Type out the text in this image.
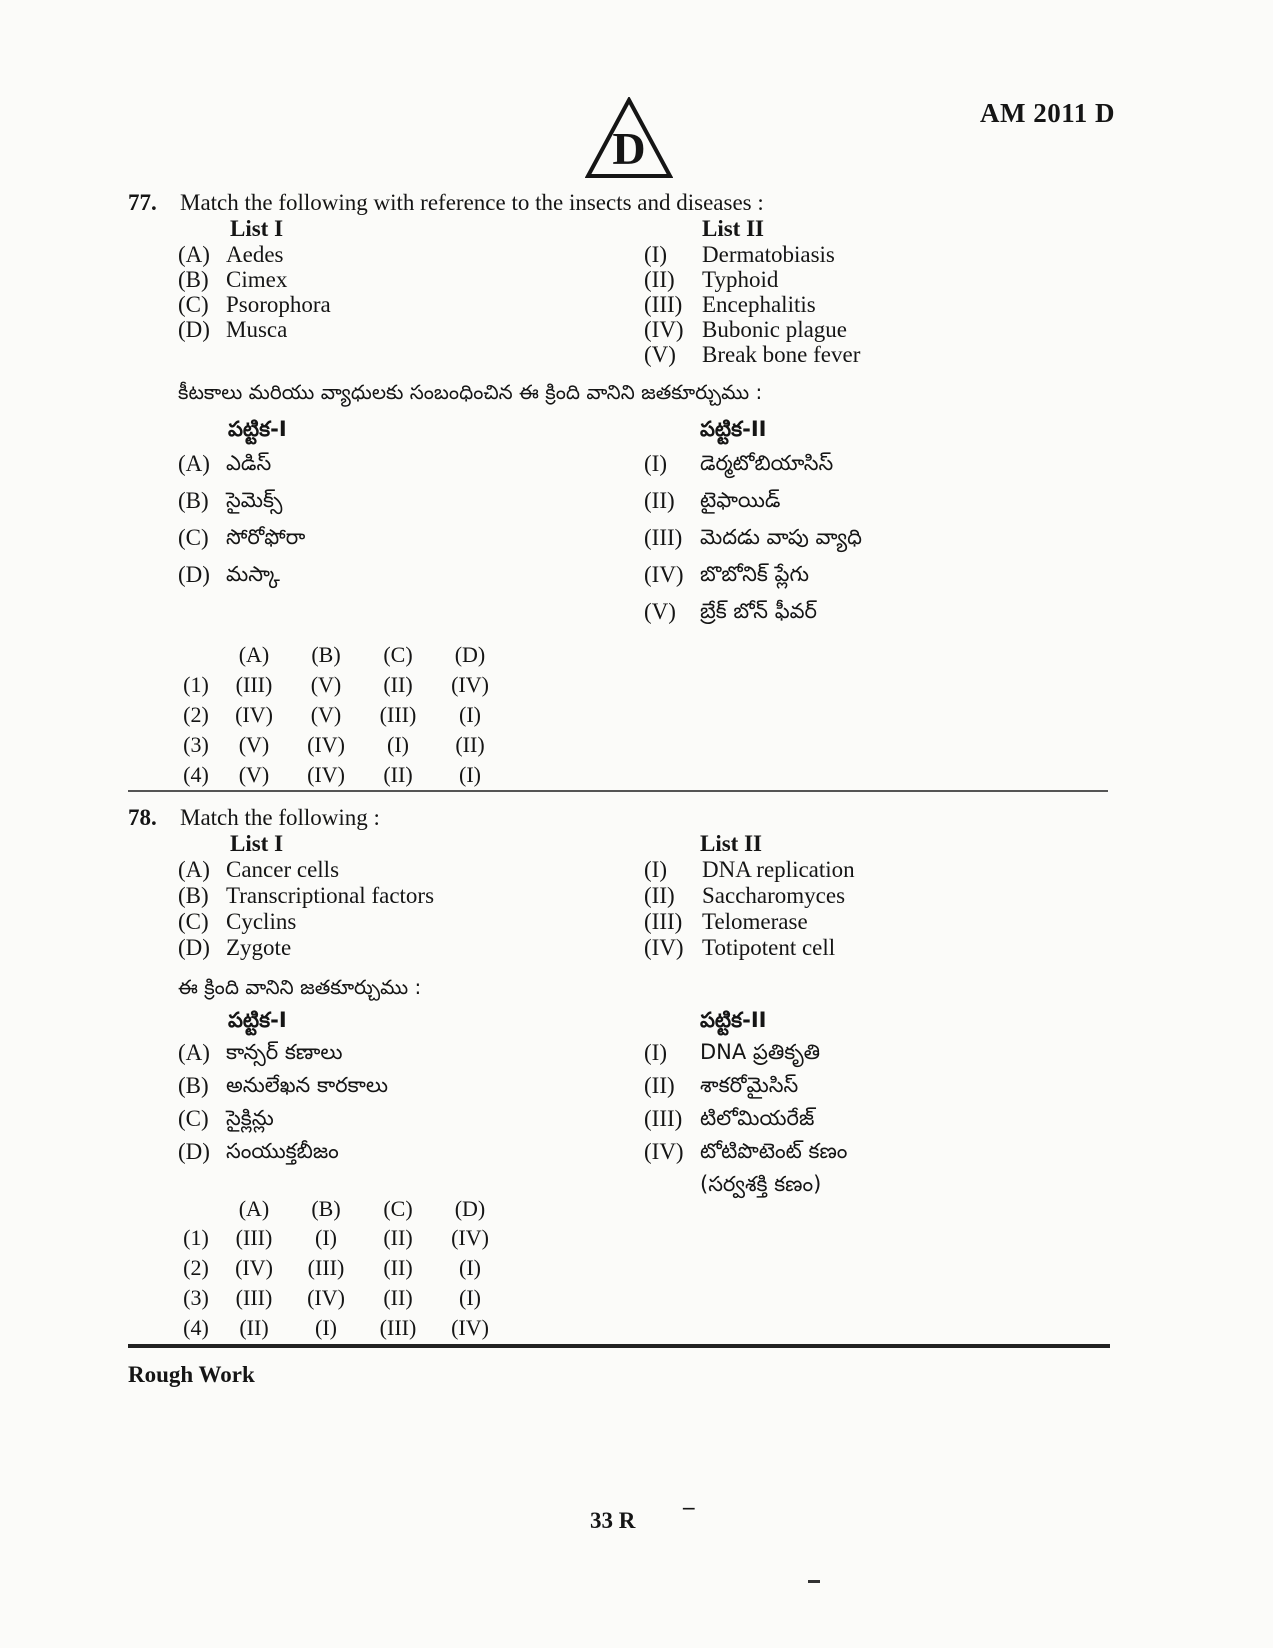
D
AM 2011 D
77. Match the following with reference to the insects and diseases :
List I	List II
(A) Aedes
(B) Cimex
(C) Psorophora
(D) Musca
(I)	Dermatobiasis
(II)	Typhoid
(III) Encephalitis
(IV) Bubonic plague
(V)	Break bone fever
కీటకాలు మరియు వ్యాధులకు సంబంధించిన ఈ క్రింది వానిని జతకూర్చుము :
పట్టిక-I	పట్టిక-II
(A) ఎడిస్
(B) సైమెక్స్
(C) సోరోఫోరా
(D) మస్కా
(I)	డెర్మటోబియాసిస్
(II)	టైఫాయిడ్
(III) మెదడు వాపు వ్యాధి
(IV) బొబోనిక్ ప్లేగు
(V)	బ్రేక్ బోన్ ఫీవర్
	(A)	(B)	(C)	(D)
(1)	(III)	(V)	(II)	(IV)
(2)	(IV)	(V)	(III)	(I)
(3)	(V)	(IV)	(I)	(II)
(4)	(V)	(IV)	(II)	(I)
78. Match the following :
List I	List II
(A) Cancer cells
(B) Transcriptional factors
(C) Cyclins
(D) Zygote
(I)	DNA replication
(II)	Saccharomyces
(III) Telomerase
(IV) Totipotent cell
ఈ క్రింది వానిని జతకూర్చుము :
పట్టిక-I	పట్టిక-II
(A) కాన్సర్ కణాలు
(B) అనులేఖన కారకాలు
(C) సైక్లిన్లు
(D) సంయుక్తబీజం
(I)	DNA ప్రతికృతి
(II)	శాకరోమైసిస్
(III) టిలోమియరేజ్
(IV) టోటిపొటెంట్ కణం
(సర్వశక్తి కణం)
	(A)	(B)	(C)	(D)
(1)	(III)	(I)	(II)	(IV)
(2)	(IV)	(III)	(II)	(I)
(3)	(III)	(IV)	(II)	(I)
(4)	(II)	(I)	(III)	(IV)
Rough Work
33 R
–
